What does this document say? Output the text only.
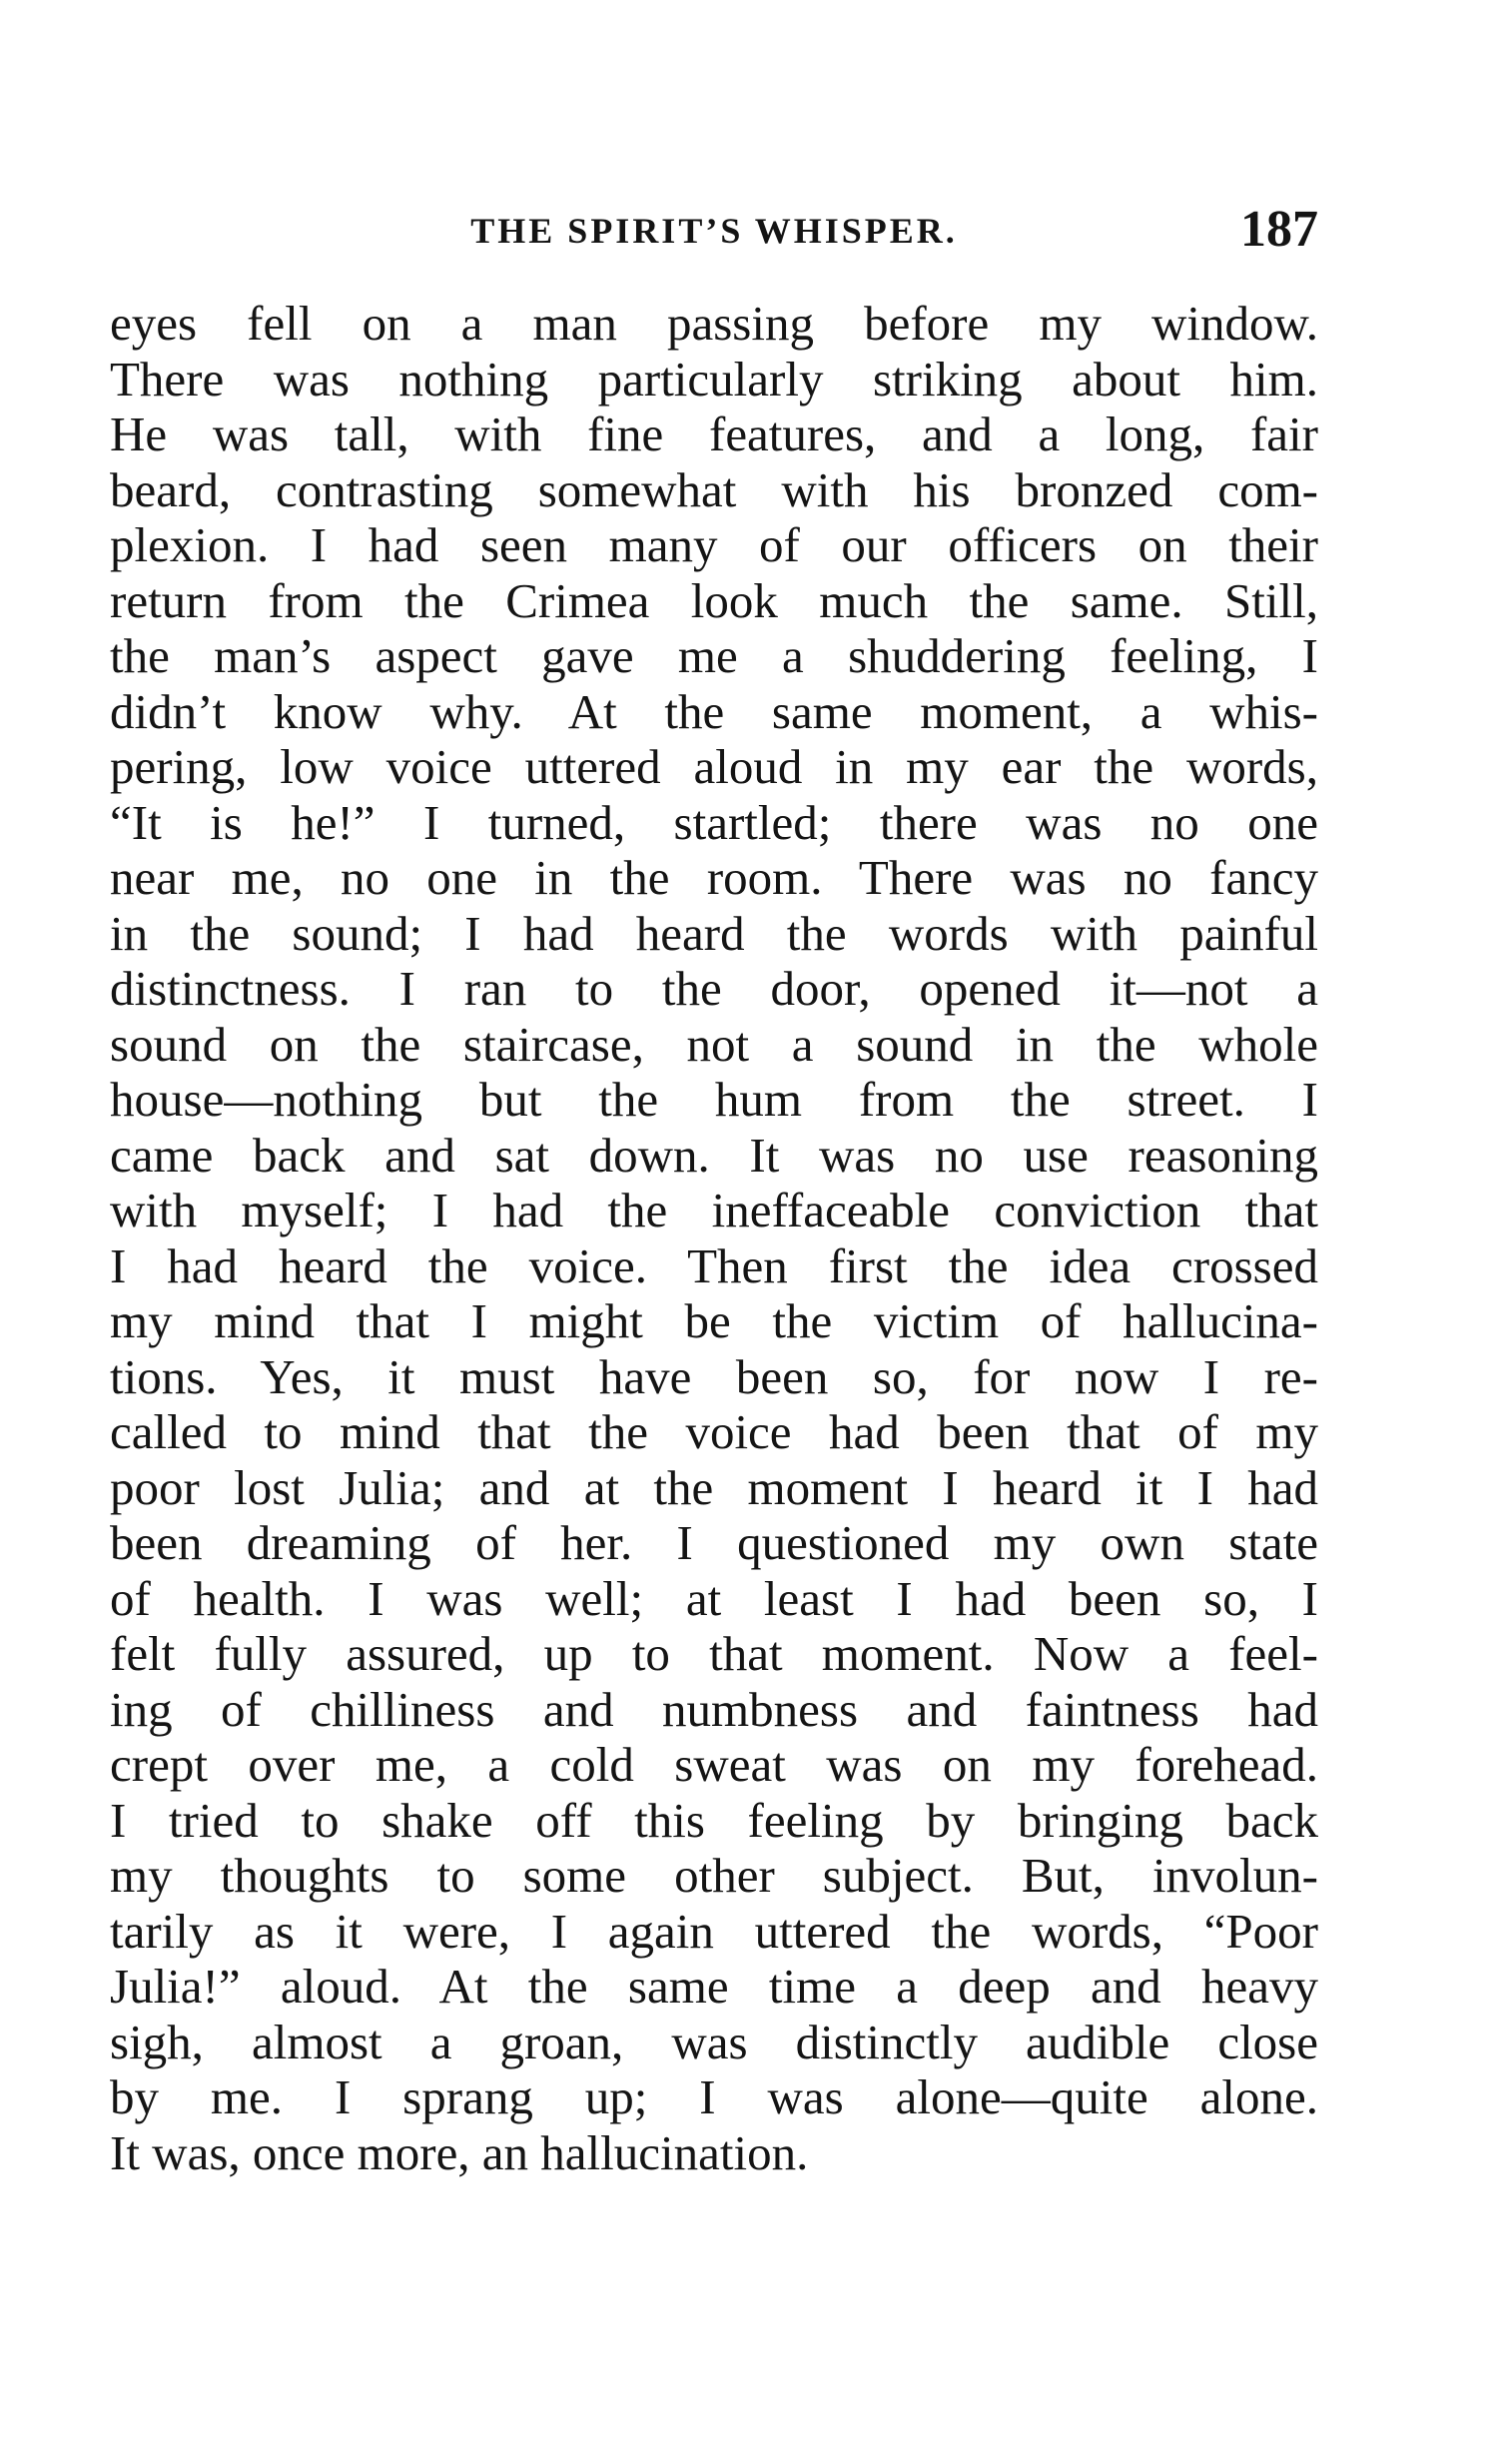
THE SPIRIT’S WHISPER.	187
eyes fell on a man passing before my window.
There was nothing particularly striking about him.
He was tall, with fine features, and a long, fair
beard, contrasting somewhat with his bronzed com-
plexion. I had seen many of our officers on their
return from the Crimea look much the same. Still,
the man’s aspect gave me a shuddering feeling, I
didn’t know why. At the same moment, a whis-
pering, low voice uttered aloud in my ear the words,
“It is he!” I turned, startled; there was no one
near me, no one in the room. There was no fancy
in the sound; I had heard the words with painful
distinctness. I ran to the door, opened it—not a
sound on the staircase, not a sound in the whole
house—nothing but the hum from the street. I
came back and sat down. It was no use reasoning
with myself; I had the ineffaceable conviction that
I had heard the voice. Then first the idea crossed
my mind that I might be the victim of hallucina-
tions. Yes, it must have been so, for now I re-
called to mind that the voice had been that of my
poor lost Julia; and at the moment I heard it I had
been dreaming of her. I questioned my own state
of health. I was well; at least I had been so, I
felt fully assured, up to that moment. Now a feel-
ing of chilliness and numbness and faintness had
crept over me, a cold sweat was on my forehead.
I tried to shake off this feeling by bringing back
my thoughts to some other subject. But, involun-
tarily as it were, I again uttered the words, “Poor
Julia!” aloud. At the same time a deep and heavy
sigh, almost a groan, was distinctly audible close
by me. I sprang up; I was alone—quite alone.
It was, once more, an hallucination.
